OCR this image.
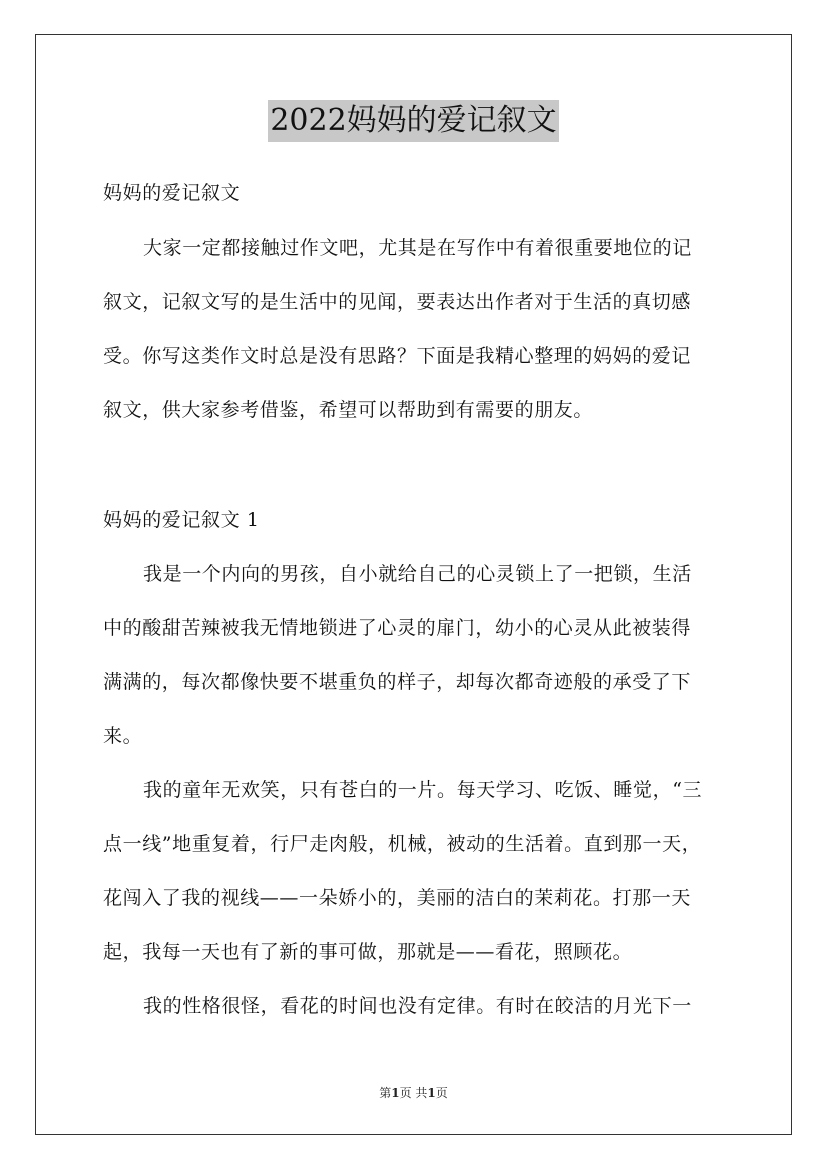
2022妈妈的爱记叙文
妈妈的爱记叙文
大家一定都接触过作文吧，尤其是在写作中有着很重要地位的记
叙文，记叙文写的是生活中的见闻，要表达出作者对于生活的真切感
受。你写这类作文时总是没有思路？下面是我精心整理的妈妈的爱记
叙文，供大家参考借鉴，希望可以帮助到有需要的朋友。
妈妈的爱记叙文 1
我是一个内向的男孩，自小就给自己的心灵锁上了一把锁，生活
中的酸甜苦辣被我无情地锁进了心灵的扉门，幼小的心灵从此被装得
满满的，每次都像快要不堪重负的样子，却每次都奇迹般的承受了下
来。
我的童年无欢笑，只有苍白的一片。每天学习、吃饭、睡觉，“三
点一线”地重复着，行尸走肉般，机械，被动的生活着。直到那一天，
花闯入了我的视线——一朵娇小的，美丽的洁白的茉莉花。打那一天
起，我每一天也有了新的事可做，那就是——看花，照顾花。
我的性格很怪，看花的时间也没有定律。有时在皎洁的月光下一
第1页 共1页
